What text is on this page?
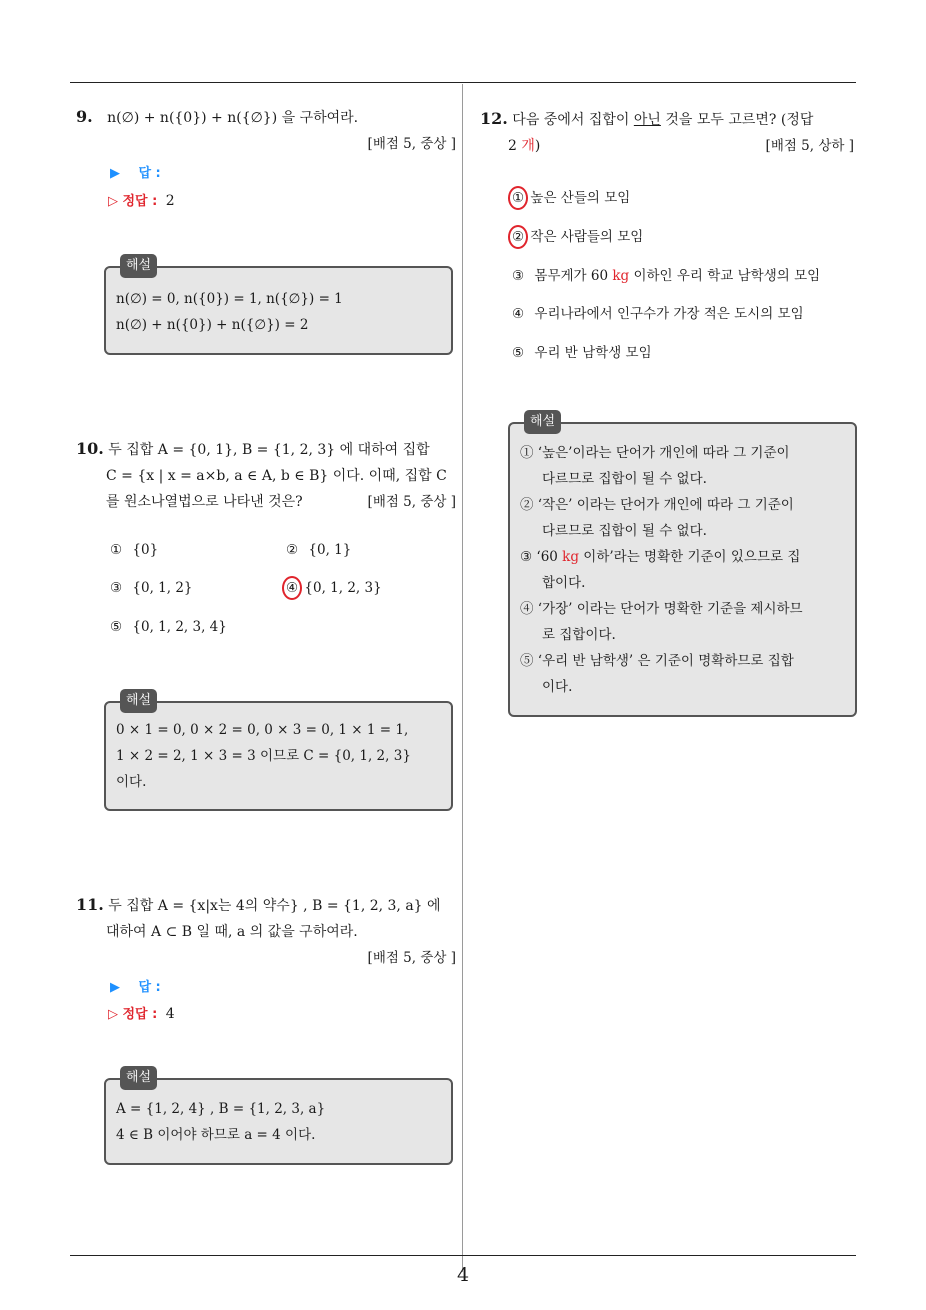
4
9. n(∅) + n({0}) + n({∅}) 을 구하여라.
[배점 5, 중상 ]
▶ 답 :
▷ 정답 : 2
해설
n(∅) = 0, n({0}) = 1, n({∅}) = 1
n(∅) + n({0}) + n({∅}) = 2
10. 두 집합 A = {0, 1}, B = {1, 2, 3} 에 대하여 집합
C = {x | x = a×b, a ∈ A, b ∈ B} 이다. 이때, 집합 C
를 원소나열법으로 나타낸 것은?	[배점 5, 중상 ]
① {0}	② {0, 1}
③ {0, 1, 2}	④ {0, 1, 2, 3}
⑤ {0, 1, 2, 3, 4}
해설
0 × 1 = 0, 0 × 2 = 0, 0 × 3 = 0, 1 × 1 = 1,
1 × 2 = 2, 1 × 3 = 3 이므로 C = {0, 1, 2, 3}
이다.
11. 두 집합 A = {x|x는 4의 약수} , B = {1, 2, 3, a} 에
대하여 A ⊂ B 일 때, a 의 값을 구하여라.
[배점 5, 중상 ]
▶ 답 :
▷ 정답 : 4
해설
A = {1, 2, 4} , B = {1, 2, 3, a}
4 ∈ B 이어야 하므로 a = 4 이다.
12. 다음 중에서 집합이 아닌 것을 모두 고르면? (정답
2 개)	[배점 5, 상하 ]
① 높은 산들의 모임
② 작은 사람들의 모임
③ 몸무게가 60 kg 이하인 우리 학교 남학생의 모임
④ 우리나라에서 인구수가 가장 적은 도시의 모임
⑤ 우리 반 남학생 모임
해설
① ‘높은’이라는 단어가 개인에 따라 그 기준이
다르므로 집합이 될 수 없다.
② ‘작은’ 이라는 단어가 개인에 따라 그 기준이
다르므로 집합이 될 수 없다.
③ ‘60 kg 이하’라는 명확한 기준이 있으므로 집
합이다.
④ ‘가장’ 이라는 단어가 명확한 기준을 제시하므
로 집합이다.
⑤ ‘우리 반 남학생’ 은 기준이 명확하므로 집합
이다.
